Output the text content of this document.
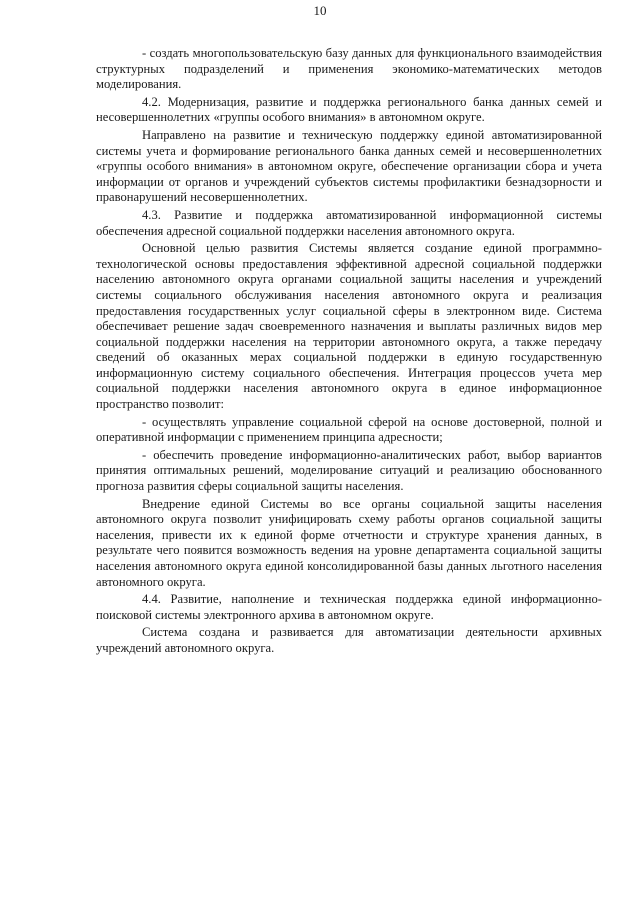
10

- создать многопользовательскую базу данных для функционального взаимодействия структурных подразделений и применения экономико-математических методов моделирования.

4.2. Модернизация, развитие и поддержка регионального банка данных семей и несовершеннолетних «группы особого внимания» в автономном округе.

Направлено на развитие и техническую поддержку единой автоматизированной системы учета и формирование регионального банка данных семей и несовершеннолетних «группы особого внимания» в автономном округе, обеспечение организации сбора и учета информации от органов и учреждений субъектов системы профилактики безнадзорности и правонарушений несовершеннолетних.

4.3. Развитие и поддержка автоматизированной информационной системы обеспечения адресной социальной поддержки населения автономного округа.

Основной целью развития Системы является создание единой программно-технологической основы предоставления эффективной адресной социальной поддержки населению автономного округа органами социальной защиты населения и учреждений системы социального обслуживания населения автономного округа и реализация предоставления государственных услуг социальной сферы в электронном виде. Система обеспечивает решение задач своевременного назначения и выплаты различных видов мер социальной поддержки населения на территории автономного округа, а также передачу сведений об оказанных мерах социальной поддержки в единую государственную информационную систему социального обеспечения. Интеграция процессов учета мер социальной поддержки населения автономного округа в единое информационное пространство позволит:

- осуществлять управление социальной сферой на основе достоверной, полной и оперативной информации с применением принципа адресности;

- обеспечить проведение информационно-аналитических работ, выбор вариантов принятия оптимальных решений, моделирование ситуаций и реализацию обоснованного прогноза развития сферы социальной защиты населения.

Внедрение единой Системы во все органы социальной защиты населения автономного округа позволит унифицировать схему работы органов социальной защиты населения, привести их к единой форме отчетности и структуре хранения данных, в результате чего появится возможность ведения на уровне департамента социальной защиты населения автономного округа единой консолидированной базы данных льготного населения автономного округа.

4.4. Развитие, наполнение и техническая поддержка единой информационно-поисковой системы электронного архива в автономном округе.

Система создана и развивается для автоматизации деятельности архивных учреждений автономного округа.
